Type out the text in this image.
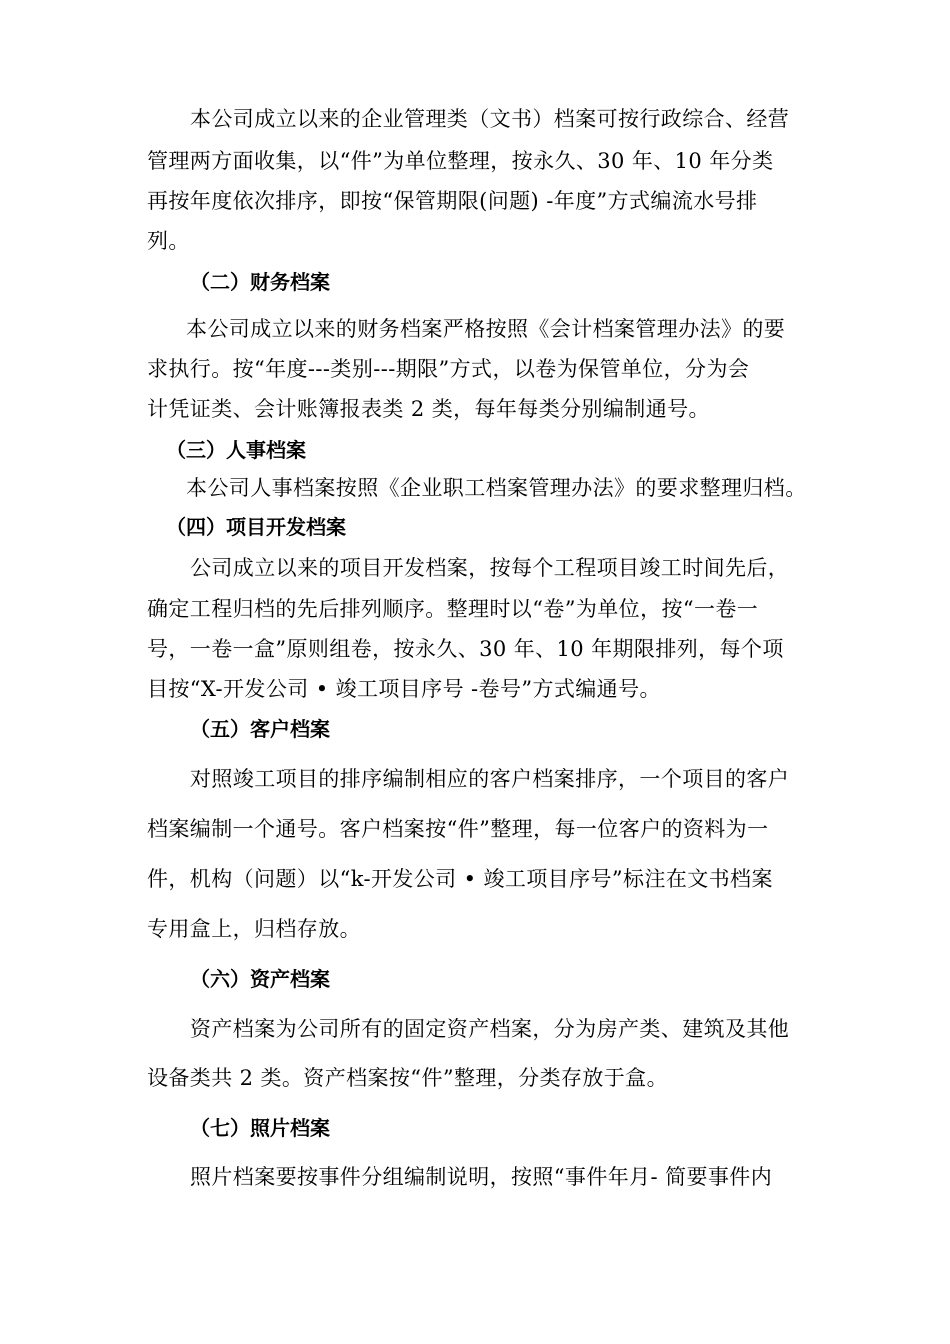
本公司成立以来的企业管理类（文书）档案可按行政综合、经营
管理两方面收集，以“件”为单位整理，按永久、30 年、10 年分类
再按年度依次排序，即按“保管期限(问题) -年度”方式编流水号排
列。
（二）财务档案
本公司成立以来的财务档案严格按照《会计档案管理办法》的要
求执行。按“年度---类别---期限”方式，以卷为保管单位，分为会
计凭证类、会计账簿报表类 2 类，每年每类分别编制通号。
（三）人事档案
本公司人事档案按照《企业职工档案管理办法》的要求整理归档。
（四）项目开发档案
公司成立以来的项目开发档案，按每个工程项目竣工时间先后，
确定工程归档的先后排列顺序。整理时以“卷”为单位，按“一卷一
号，一卷一盒”原则组卷，按永久、30 年、10 年期限排列，每个项
目按“X-开发公司 • 竣工项目序号 -卷号”方式编通号。
（五）客户档案
对照竣工项目的排序编制相应的客户档案排序，一个项目的客户
档案编制一个通号。客户档案按“件”整理，每一位客户的资料为一
件，机构（问题）以“k-开发公司 • 竣工项目序号”标注在文书档案
专用盒上，归档存放。
（六）资产档案
资产档案为公司所有的固定资产档案，分为房产类、建筑及其他
设备类共 2 类。资产档案按“件”整理，分类存放于盒。
（七）照片档案
照片档案要按事件分组编制说明，按照“事件年月- 简要事件内
